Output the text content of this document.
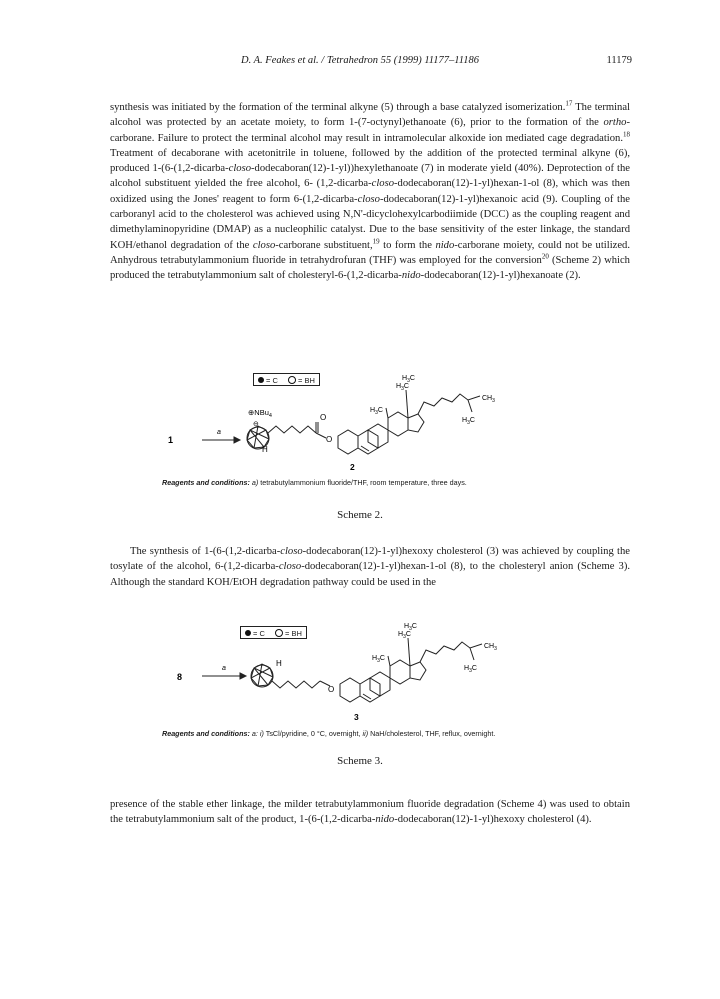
D. A. Feakes et al. / Tetrahedron 55 (1999) 11177–11186	11179

synthesis was initiated by the formation of the terminal alkyne (5) through a base catalyzed isomerization.$^{17}$ The terminal alcohol was protected by an acetate moiety, to form 1-(7-octynyl)ethanoate (6), prior to the formation of the ortho-carborane. Failure to protect the terminal alcohol may result in intramolecular alkoxide ion mediated cage degradation.$^{18}$ Treatment of decaborane with acetonitrile in toluene, followed by the addition of the protected terminal alkyne (6), produced 1-(6-(1,2-dicarba-closo-dodecaboran(12)-1-yl))hexylethanoate (7) in moderate yield (40%). Deprotection of the alcohol substituent yielded the free alcohol, 6- (1,2-dicarba-closo-dodecaboran(12)-1-yl)hexan-1-ol (8), which was then oxidized using the Jones' reagent to form 6-(1,2-dicarba-closo-dodecaboran(12)-1-yl)hexanoic acid (9). Coupling of the carboranyl acid to the cholesterol was achieved using N,N'-dicyclohexylcarbodiimide (DCC) as the coupling reagent and dimethylaminopyridine (DMAP) as a nucleophilic catalyst. Due to the base sensitivity of the ester linkage, the standard KOH/ethanol degradation of the closo-carborane substituent,$^{19}$ to form the nido-carborane moiety, could not be utilized. Anhydrous tetrabutylammonium fluoride in tetrahydrofuran (THF) was employed for the conversion$^{20}$ (Scheme 2) which produced the tetrabutylammonium salt of cholesteryl-6-(1,2-dicarba-nido-dodecaboran(12)-1-yl)hexanoate (2).

= C	= BH
1
a
H
O
O
⊕NBu$_4$
⊖
2
$H_3C$
$H_3C$
$H_3C$
$CH_3$
$H_3C$
Reagents and conditions: a) tetrabutylammonium fluoride/THF, room temperature, three days.
Scheme 2.

The synthesis of 1-(6-(1,2-dicarba-closo-dodecaboran(12)-1-yl)hexoxy cholesterol (3) was achieved by coupling the tosylate of the alcohol, 6-(1,2-dicarba-closo-dodecaboran(12)-1-yl)hexan-1-ol (8), to the cholesteryl anion (Scheme 3). Although the standard KOH/EtOH degradation pathway could be used in the

= C	= BH
8
a
H
O
3
$H_3C$
$H_3C$
$H_3C$
$CH_3$
$H_3C$
Reagents and conditions: a: i) TsCl/pyridine, 0 °C, overnight, ii) NaH/cholesterol, THF, reflux, overnight.
Scheme 3.

presence of the stable ether linkage, the milder tetrabutylammonium fluoride degradation (Scheme 4) was used to obtain the tetrabutylammonium salt of the product, 1-(6-(1,2-dicarba-nido-dodecaboran(12)-1-yl)hexoxy cholesterol (4).
